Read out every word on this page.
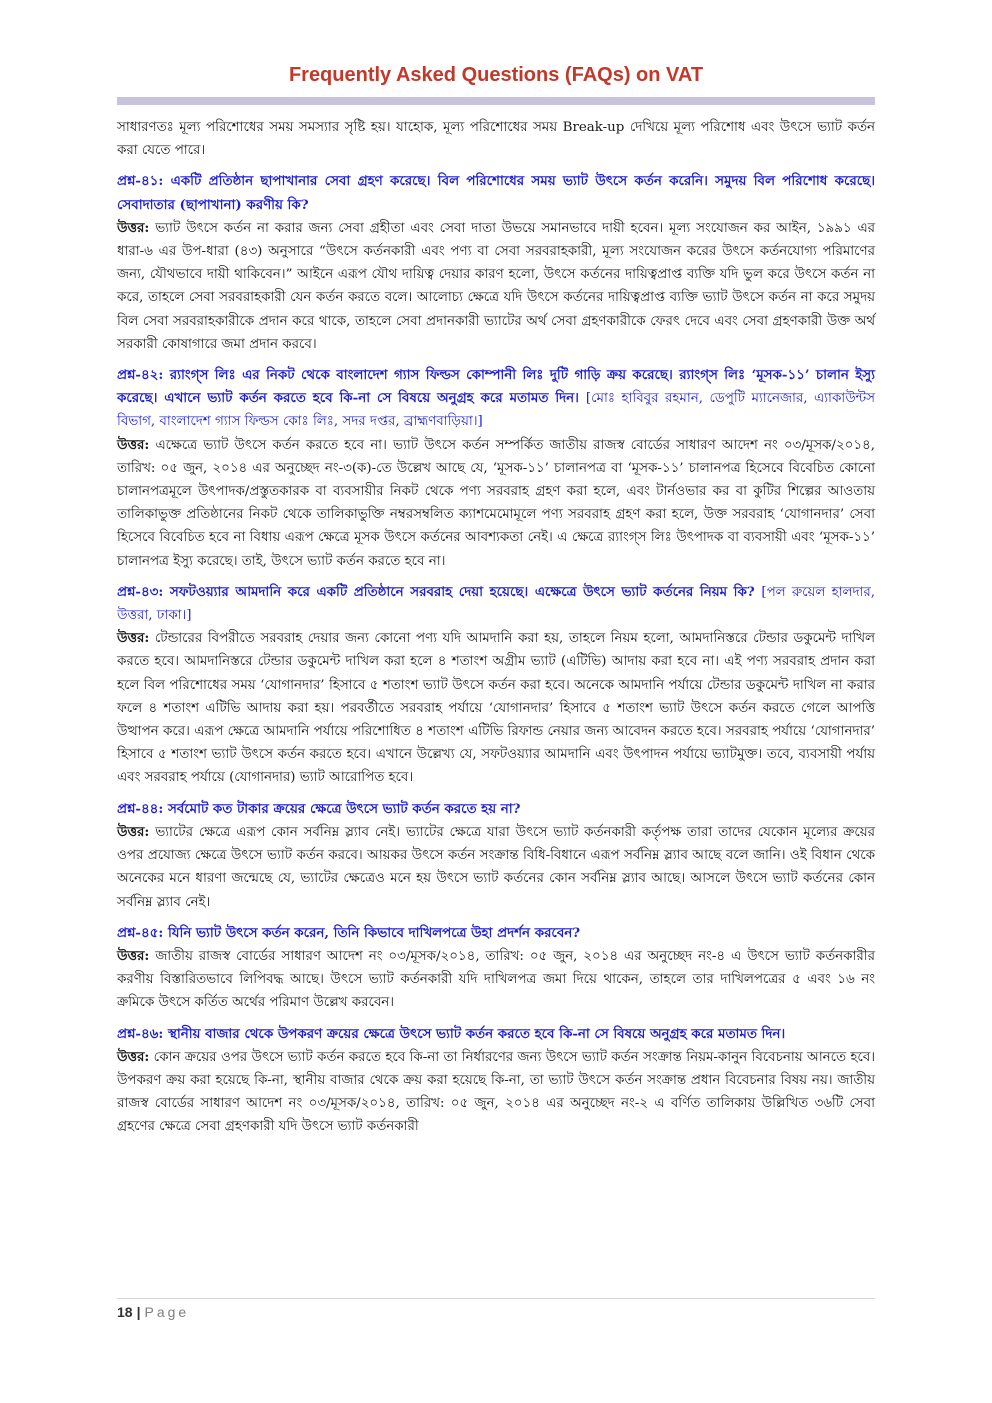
Frequently Asked Questions (FAQs) on VAT

সাধারণতঃ মূল্য পরিশোধের সময় সমস্যার সৃষ্টি হয়। যাহোক, মূল্য পরিশোধের সময় Break-up দেখিয়ে মূল্য পরিশোধ এবং উৎসে ভ্যাট কর্তন করা যেতে পারে।

প্রশ্ন-৪১: একটি প্রতিষ্ঠান ছাপাখানার সেবা গ্রহণ করেছে। বিল পরিশোধের সময় ভ্যাট উৎসে কর্তন করেনি। সমুদয় বিল পরিশোধ করেছে। সেবাদাতার (ছাপাখানা) করণীয় কি?

উত্তর: ভ্যাট উৎসে কর্তন না করার জন্য সেবা গ্রহীতা এবং সেবা দাতা উভয়ে সমানভাবে দায়ী হবেন। মূল্য সংযোজন কর আইন, ১৯৯১ এর ধারা-৬ এর উপ-ধারা (৪৩) অনুসারে “উৎসে কর্তনকারী এবং পণ্য বা সেবা সরবরাহকারী, মূল্য সংযোজন করের উৎসে কর্তনযোগ্য পরিমাণের জন্য, যৌথভাবে দায়ী থাকিবেন।” আইনে এরূপ যৌথ দায়িত্ব দেয়ার কারণ হলো, উৎসে কর্তনের দায়িত্বপ্রাপ্ত ব্যক্তি যদি ভুল করে উৎসে কর্তন না করে, তাহলে সেবা সরবরাহকারী যেন কর্তন করতে বলে। আলোচ্য ক্ষেত্রে যদি উৎসে কর্তনের দায়িত্বপ্রাপ্ত ব্যক্তি ভ্যাট উৎসে কর্তন না করে সমুদয় বিল সেবা সরবরাহকারীকে প্রদান করে থাকে, তাহলে সেবা প্রদানকারী ভ্যাটের অর্থ সেবা গ্রহণকারীকে ফেরৎ দেবে এবং সেবা গ্রহণকারী উক্ত অর্থ সরকারী কোষাগারে জমা প্রদান করবে।

প্রশ্ন-৪২: র‌্যাংগ্স লিঃ এর নিকট থেকে বাংলাদেশ গ্যাস ফিল্ডস কোম্পানী লিঃ দুটি গাড়ি ক্রয় করেছে। র‌্যাংগ্স লিঃ ‘মূসক-১১’ চালান ইস্যু করেছে। এখানে ভ্যাট কর্তন করতে হবে কি-না সে বিষয়ে অনুগ্রহ করে মতামত দিন। [মোঃ হাবিবুর রহমান, ডেপুটি ম্যানেজার, এ্যাকাউন্টস বিভাগ, বাংলাদেশ গ্যাস ফিল্ডস কোঃ লিঃ, সদর দপ্তর, ব্রাহ্মণবাড়িয়া।]

উত্তর: এক্ষেত্রে ভ্যাট উৎসে কর্তন করতে হবে না। ভ্যাট উৎসে কর্তন সম্পর্কিত জাতীয় রাজস্ব বোর্ডের সাধারণ আদেশ নং ০৩/মূসক/২০১৪, তারিখ: ০৫ জুন, ২০১৪ এর অনুচ্ছেদ নং-৩(ক)-তে উল্লেখ আছে যে, ‘মূসক-১১’ চালানপত্র বা ‘মূসক-১১’ চালানপত্র হিসেবে বিবেচিত কোনো চালানপত্রমূলে উৎপাদক/প্রস্তুতকারক বা ব্যবসায়ীর নিকট থেকে পণ্য সরবরাহ গ্রহণ করা হলে, এবং টার্নওভার কর বা কুটির শিল্পের আওতায় তালিকাভুক্ত প্রতিষ্ঠানের নিকট থেকে তালিকাভুক্তি নম্বরসম্বলিত ক্যাশমেমোমূলে পণ্য সরবরাহ গ্রহণ করা হলে, উক্ত সরবরাহ ‘যোগানদার’ সেবা হিসেবে বিবেচিত হবে না বিধায় এরূপ ক্ষেত্রে মূসক উৎসে কর্তনের আবশ্যকতা নেই। এ ক্ষেত্রে র‌্যাংগ্স লিঃ উৎপাদক বা ব্যবসায়ী এবং ‘মূসক-১১’ চালানপত্র ইস্যু করেছে। তাই, উৎসে ভ্যাট কর্তন করতে হবে না।

প্রশ্ন-৪৩: সফটওয়্যার আমদানি করে একটি প্রতিষ্ঠানে সরবরাহ দেয়া হয়েছে। এক্ষেত্রে উৎসে ভ্যাট কর্তনের নিয়ম কি? [পল রুয়েল হালদার, উত্তরা, ঢাকা।]

উত্তর: টেন্ডারের বিপরীতে সরবরাহ দেয়ার জন্য কোনো পণ্য যদি আমদানি করা হয়, তাহলে নিয়ম হলো, আমদানিস্তরে টেন্ডার ডকুমেন্ট দাখিল করতে হবে। আমদানিস্তরে টেন্ডার ডকুমেন্ট দাখিল করা হলে ৪ শতাংশ অগ্রীম ভ্যাট (এটিভি) আদায় করা হবে না। এই পণ্য সরবরাহ প্রদান করা হলে বিল পরিশোধের সময় ‘যোগানদার’ হিসাবে ৫ শতাংশ ভ্যাট উৎসে কর্তন করা হবে। অনেকে আমদানি পর্যায়ে টেন্ডার ডকুমেন্ট দাখিল না করার ফলে ৪ শতাংশ এটিভি আদায় করা হয়। পরবর্তীতে সরবরাহ পর্যায়ে ‘যোগানদার’ হিসাবে ৫ শতাংশ ভ্যাট উৎসে কর্তন করতে গেলে আপত্তি উত্থাপন করে। এরূপ ক্ষেত্রে আমদানি পর্যায়ে পরিশোধিত ৪ শতাংশ এটিভি রিফান্ড নেয়ার জন্য আবেদন করতে হবে। সরবরাহ পর্যায়ে ‘যোগানদার’ হিসাবে ৫ শতাংশ ভ্যাট উৎসে কর্তন করতে হবে। এখানে উল্লেখ্য যে, সফটওয়্যার আমদানি এবং উৎপাদন পর্যায়ে ভ্যাটমুক্ত। তবে, ব্যবসায়ী পর্যায় এবং সরবরাহ পর্যায়ে (যোগানদার) ভ্যাট আরোপিত হবে।

প্রশ্ন-৪৪: সর্বমোট কত টাকার ক্রয়ের ক্ষেত্রে উৎসে ভ্যাট কর্তন করতে হয় না?

উত্তর: ভ্যাটের ক্ষেত্রে এরূপ কোন সর্বনিম্ন স্ল্যাব নেই। ভ্যাটের ক্ষেত্রে যারা উৎসে ভ্যাট কর্তনকারী কর্তৃপক্ষ তারা তাদের যেকোন মূল্যের ক্রয়ের ওপর প্রযোজ্য ক্ষেত্রে উৎসে ভ্যাট কর্তন করবে। আয়কর উৎসে কর্তন সংক্রান্ত বিধি-বিধানে এরূপ সর্বনিম্ন স্ল্যাব আছে বলে জানি। ওই বিধান থেকে অনেকের মনে ধারণা জন্মেছে যে, ভ্যাটের ক্ষেত্রেও মনে হয় উৎসে ভ্যাট কর্তনের কোন সর্বনিম্ন স্ল্যাব আছে। আসলে উৎসে ভ্যাট কর্তনের কোন সর্বনিম্ন স্ল্যাব নেই।

প্রশ্ন-৪৫: যিনি ভ্যাট উৎসে কর্তন করেন, তিনি কিভাবে দাখিলপত্রে উহা প্রদর্শন করবেন?

উত্তর: জাতীয় রাজস্ব বোর্ডের সাধারণ আদেশ নং ০৩/মূসক/২০১৪, তারিখ: ০৫ জুন, ২০১৪ এর অনুচ্ছেদ নং-৪ এ উৎসে ভ্যাট কর্তনকারীর করণীয় বিস্তারিতভাবে লিপিবদ্ধ আছে। উৎসে ভ্যাট কর্তনকারী যদি দাখিলপত্র জমা দিয়ে থাকেন, তাহলে তার দাখিলপত্রের ৫ এবং ১৬ নং ক্রমিকে উৎসে কর্তিত অর্থের পরিমাণ উল্লেখ করবেন।

প্রশ্ন-৪৬: স্থানীয় বাজার থেকে উপকরণ ক্রয়ের ক্ষেত্রে উৎসে ভ্যাট কর্তন করতে হবে কি-না সে বিষয়ে অনুগ্রহ করে মতামত দিন।

উত্তর: কোন ক্রয়ের ওপর উৎসে ভ্যাট কর্তন করতে হবে কি-না তা নির্ধারণের জন্য উৎসে ভ্যাট কর্তন সংক্রান্ত নিয়ম-কানুন বিবেচনায় আনতে হবে। উপকরণ ক্রয় করা হয়েছে কি-না, স্থানীয় বাজার থেকে ক্রয় করা হয়েছে কি-না, তা ভ্যাট উৎসে কর্তন সংক্রান্ত প্রধান বিবেচনার বিষয় নয়। জাতীয় রাজস্ব বোর্ডের সাধারণ আদেশ নং ০৩/মূসক/২০১৪, তারিখ: ০৫ জুন, ২০১৪ এর অনুচ্ছেদ নং-২ এ বর্ণিত তালিকায় উল্লিখিত ৩৬টি সেবা গ্রহণের ক্ষেত্রে সেবা গ্রহণকারী যদি উৎসে ভ্যাট কর্তনকারী

18 | Page
